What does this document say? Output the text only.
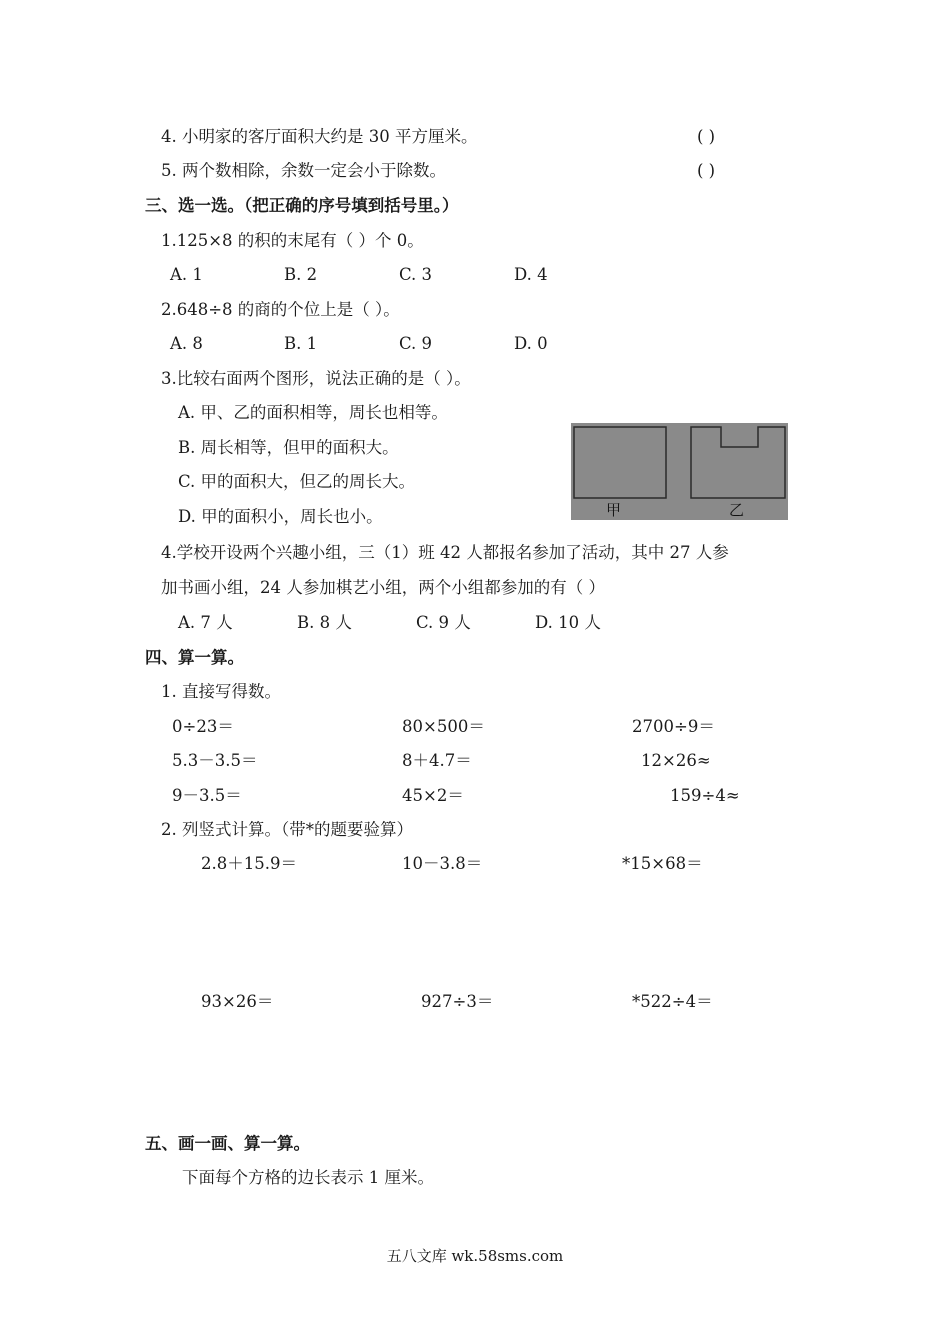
4. 小明家的客厅面积大约是 30 平方厘米。	( )
5. 两个数相除，余数一定会小于除数。	( )
三、选一选。（把正确的序号填到括号里。）
1.125×8 的积的末尾有（ ）个 0。
A. 1	B. 2	C. 3	D. 4
2.648÷8 的商的个位上是（ ）。
A. 8	B. 1	C. 9	D. 0
3.比较右面两个图形，说法正确的是（ ）。
A. 甲、乙的面积相等，周长也相等。
B. 周长相等，但甲的面积大。
C. 甲的面积大，但乙的周长大。
D. 甲的面积小，周长也小。	甲	乙
4.学校开设两个兴趣小组，三（1）班 42 人都报名参加了活动，其中 27 人参
加书画小组，24 人参加棋艺小组，两个小组都参加的有（ ）
A. 7 人	B. 8 人	C. 9 人	D. 10 人
四、算一算。
1. 直接写得数。
0÷23＝	80×500＝	2700÷9＝
5.3－3.5＝	8＋4.7＝	12×26≈
9－3.5＝	45×2＝	159÷4≈
2. 列竖式计算。（带*的题要验算）
2.8＋15.9＝	10－3.8＝	*15×68＝
93×26＝	927÷3＝	*522÷4＝
五、画一画、算一算。
下面每个方格的边长表示 1 厘米。
五八文库 wk.58sms.com
